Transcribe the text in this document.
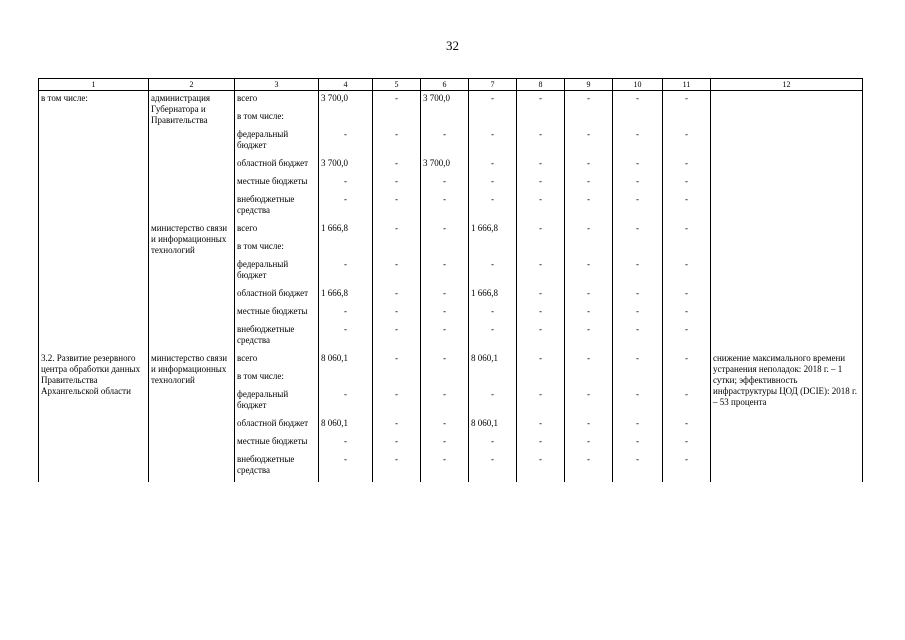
32
1	2	3	4	5	6	7	8	9	10	11	12
в том числе:	администрация Губернатора и Правительства	всего	3 700,0	-	3 700,0	-	-	-	-	-	
		в том числе:									
		федеральный бюджет	-	-	-	-	-	-	-	-	
		областной бюджет	3 700,0	-	3 700,0	-	-	-	-	-	
		местные бюджеты	-	-	-	-	-	-	-	-	
		внебюджетные средства	-	-	-	-	-	-	-	-	
	министерство связи и информационных технологий	всего	1 666,8	-	-	1 666,8	-	-	-	-	
		в том числе:									
		федеральный бюджет	-	-	-	-	-	-	-	-	
		областной бюджет	1 666,8	-	-	1 666,8	-	-	-	-	
		местные бюджеты	-	-	-	-	-	-	-	-	
		внебюджетные средства	-	-	-	-	-	-	-	-	
3.2. Развитие резервного центра обработки данных Правительства Архангельской области	министерство связи и информационных технологий	всего	8 060,1	-	-	8 060,1	-	-	-	-	снижение максимального времени устранения неполадок: 2018 г. – 1 сутки; эффективность инфраструктуры ЦОД (DCIE): 2018 г. – 53 процента
		в том числе:									
		федеральный бюджет	-	-	-	-	-	-	-	-	
		областной бюджет	8 060,1	-	-	8 060,1	-	-	-	-	
		местные бюджеты	-	-	-	-	-	-	-	-	
		внебюджетные средства	-	-	-	-	-	-	-	-	
